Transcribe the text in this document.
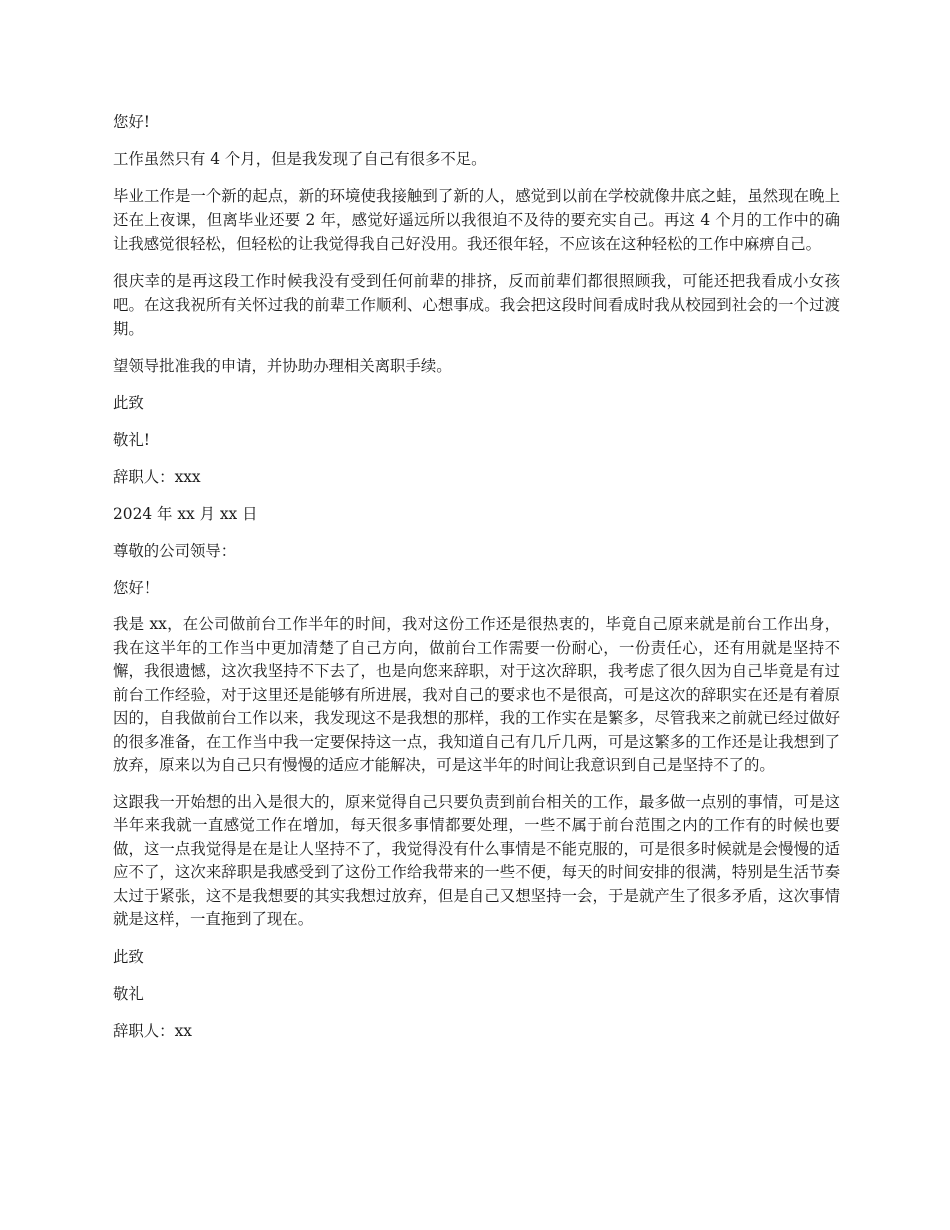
您好!

工作虽然只有 4 个月，但是我发现了自己有很多不足。

毕业工作是一个新的起点，新的环境使我接触到了新的人，感觉到以前在学校就像井底之蛙，虽然现在晚上还在上夜课，但离毕业还要 2 年，感觉好遥远所以我很迫不及待的要充实自己。再这 4 个月的工作中的确让我感觉很轻松，但轻松的让我觉得我自己好没用。我还很年轻，不应该在这种轻松的工作中麻痹自己。

很庆幸的是再这段工作时候我没有受到任何前辈的排挤，反而前辈们都很照顾我，可能还把我看成小女孩吧。在这我祝所有关怀过我的前辈工作顺利、心想事成。我会把这段时间看成时我从校园到社会的一个过渡期。

望领导批准我的申请，并协助办理相关离职手续。

此致

敬礼!

辞职人：xxx

2024 年 xx 月 xx 日

尊敬的公司领导：

您好！

我是 xx，在公司做前台工作半年的时间，我对这份工作还是很热衷的，毕竟自己原来就是前台工作出身，我在这半年的工作当中更加清楚了自己方向，做前台工作需要一份耐心，一份责任心，还有用就是坚持不懈，我很遗憾，这次我坚持不下去了，也是向您来辞职，对于这次辞职，我考虑了很久因为自己毕竟是有过前台工作经验，对于这里还是能够有所进展，我对自己的要求也不是很高，可是这次的辞职实在还是有着原因的，自我做前台工作以来，我发现这不是我想的那样，我的工作实在是繁多，尽管我来之前就已经过做好的很多准备，在工作当中我一定要保持这一点，我知道自己有几斤几两，可是这繁多的工作还是让我想到了放弃，原来以为自己只有慢慢的适应才能解决，可是这半年的时间让我意识到自己是坚持不了的。

这跟我一开始想的出入是很大的，原来觉得自己只要负责到前台相关的工作，最多做一点别的事情，可是这半年来我就一直感觉工作在增加，每天很多事情都要处理，一些不属于前台范围之内的工作有的时候也要做，这一点我觉得是在是让人坚持不了，我觉得没有什么事情是不能克服的，可是很多时候就是会慢慢的适应不了，这次来辞职是我感受到了这份工作给我带来的一些不便，每天的时间安排的很满，特别是生活节奏太过于紧张，这不是我想要的其实我想过放弃，但是自己又想坚持一会，于是就产生了很多矛盾，这次事情就是这样，一直拖到了现在。

此致

敬礼

辞职人：xx
